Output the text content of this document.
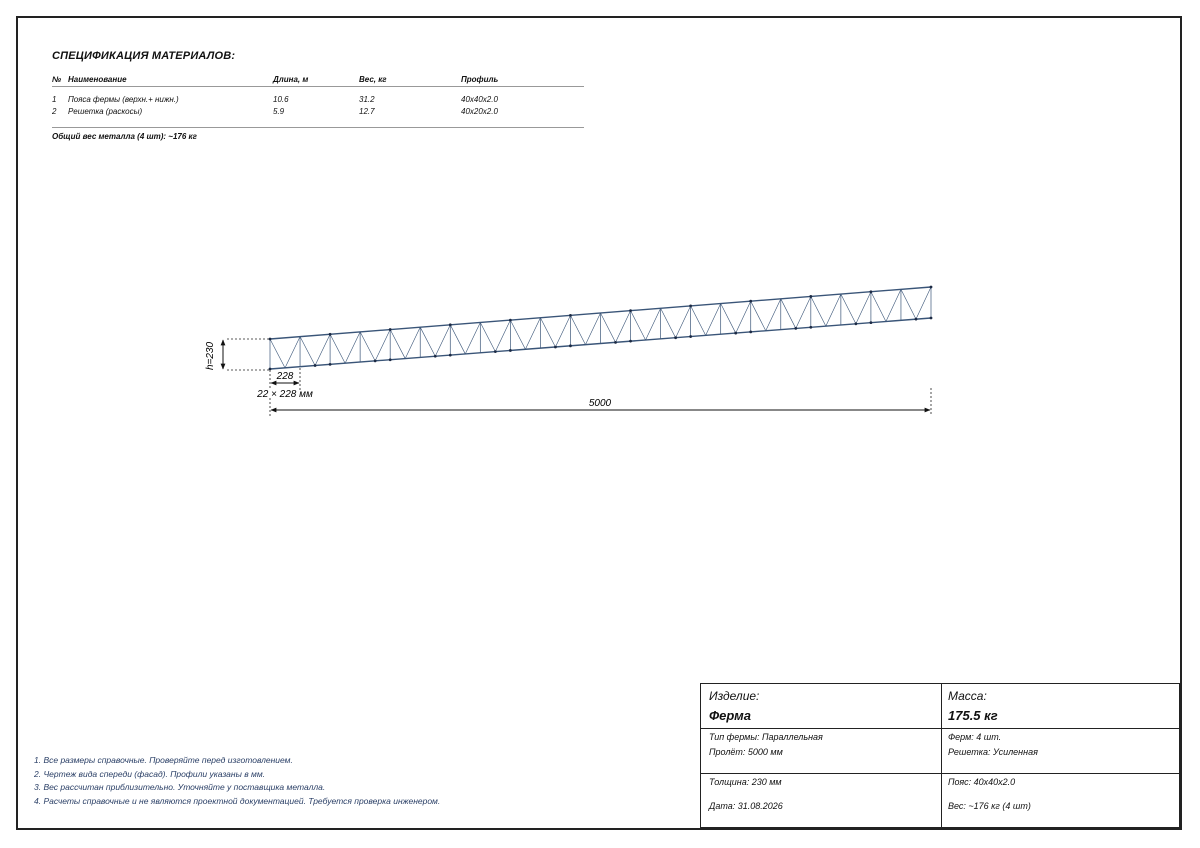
СПЕЦИФИКАЦИЯ МАТЕРИАЛОВ:
№ Наименование	Длина, м	Вес, кг	Профиль
1	Пояса фермы (верхн.+ нижн.)	10.6	31.2	40x40x2.0
2	Решетка (раскосы)	5.9	12.7	40x20x2.0
Общий вес металла (4 шт): ~176 кг
h=230
228
22 × 228 мм
5000
1. Все размеры справочные. Проверяйте перед изготовлением.
2. Чертеж вида спереди (фасад). Профили указаны в мм.
3. Вес рассчитан приблизительно. Уточняйте у поставщика металла.
4. Расчеты справочные и не являются проектной документацией. Требуется проверка инженером.
Изделие:
Ферма
Масса:
175.5 кг
Тип фермы: Параллельная
Пролёт: 5000 мм
Ферм: 4 шт.
Решетка: Усиленная
Толщина: 230 мм
Дата: 31.08.2026
Пояс: 40x40x2.0
Вес: ~176 кг (4 шт)
